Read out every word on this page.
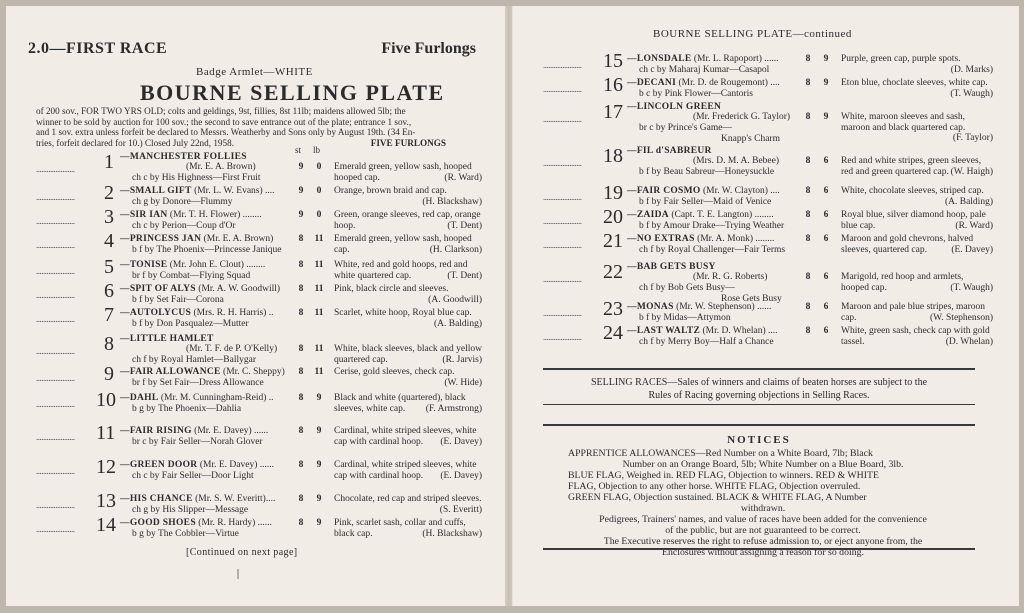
2.0—FIRST RACE	Five Furlongs
Badge Armlet—WHITE
BOURNE SELLING PLATE
of 200 sov., FOR TWO YRS OLD; colts and geldings, 9st, fillies, 8st 11lb; maidens allowed 5lb; the
winner to be sold by auction for 100 sov.; the second to save entrance out of the plate; entrance 1 sov.,
and 1 sov. extra unless forfeit be declared to Messrs. Weatherby and Sons only by August 19th. (34 En-
tries, forfeit declared for 10.) Closed July 22nd, 1958.	FIVE FURLONGS
st lb
...................... 1 —MANCHESTER FOLLIES
(Mr. E. A. Brown)
ch c by His Highness—First Fruit
9	0	Emerald green, yellow sash, hooped hooped cap.	(R. Ward)
...................... 2 —SMALL GIFT (Mr. L. W. Evans) ....
ch g by Donore—Flummy
9	0	Orange, brown braid and cap.
(H. Blackshaw)
...................... 3 —SIR IAN (Mr. T. H. Flower) ........
ch c by Perion—Coup d'Or
9	0	Green, orange sleeves, red cap, orange hoop.	(T. Dent)
...................... 4 —PRINCESS JAN (Mr. E. A. Brown)
b f by The Phoenix—Princesse Janique
8	11 Emerald green, yellow sash, hooped cap.	(H. Clarkson)
...................... 5 —TONISE (Mr. John E. Clout) ........
br f by Combat—Flying Squad
8	11 White, red and gold hoops, red and white quartered cap.	(T. Dent)
...................... 6 —SPIT OF ALYS (Mr. A. W. Goodwill)
b f by Set Fair—Corona
8	11 Pink, black circle and sleeves.
(A. Goodwill)
...................... 7 —AUTOLYCUS (Mrs. R. H. Harris) ..
b f by Don Pasqualez—Mutter
8	11 Scarlet, white hoop, Royal blue cap.
(A. Balding)
...................... 8 —LITTLE HAMLET
(Mr. T. F. de P. O'Kelly)
ch f by Royal Hamlet—Ballygar
8	11 White, black sleeves, black and yellow quartered cap.	(R. Jarvis)
...................... 9 —FAIR ALLOWANCE (Mr. C. Sheppy)
br f by Set Fair—Dress Allowance
8	11 Cerise, gold sleeves, check cap.
(W. Hide)
...................... 10 —DAHL (Mr. M. Cunningham-Reid) ..
b g by The Phoenix—Dahlia
8	9	Black and white (quartered), black sleeves, white cap. (F. Armstrong)
...................... 11 —FAIR RISING (Mr. E. Davey) ......
br c by Fair Seller—Norah Glover
8	9	Cardinal, white striped sleeves, white cap with cardinal hoop. (E. Davey)
...................... 12 —GREEN DOOR (Mr. E. Davey) ......
ch c by Fair Seller—Door Light
8	9	Cardinal, white striped sleeves, white cap with cardinal hoop. (E. Davey)
...................... 13 —HIS CHANCE (Mr. S. W. Everitt)....
ch g by His Slipper—Message
8	9	Chocolate, red cap and striped sleeves.
(S. Everitt)
...................... 14 —GOOD SHOES (Mr. R. Hardy) ......
b g by The Cobbler—Virtue
8	9	Pink, scarlet sash, collar and cuffs, black cap.	(H. Blackshaw)
[Continued on next page]
BOURNE SELLING PLATE—continued
...................... 15 —LONSDALE (Mr. L. Rapoport) ......
ch c by Maharaj Kumar—Casapol
8	9	Purple, green cap, purple spots.
(D. Marks)
...................... 16 —DECANI (Mr. D. de Rougemont) ....
b c by Pink Flower—Cantoris
8	9	Eton blue, choclate sleeves, white cap.
(T. Waugh)
...................... 17 —LINCOLN GREEN
(Mr. Frederick G. Taylor)
br c by Prince's Game—
Knapp's Charm
8	9	White, maroon sleeves and sash, maroon and black quartered cap.
(F. Taylor)
...................... 18 —FIL d'SABREUR
(Mrs. D. M. A. Bebee)
b f by Beau Sabreur—Honeysuckle
8	6	Red and white stripes, green sleeves, red and green quartered cap. (W. Haigh)
...................... 19 —FAIR COSMO (Mr. W. Clayton) ....
b f by Fair Seller—Maid of Venice
8	6	White, chocolate sleeves, striped cap.
(A. Balding)
...................... 20 —ZAIDA (Capt. T. E. Langton) ........
b f by Amour Drake—Trying Weather
8	6	Royal blue, silver diamond hoop, pale blue cap.	(R. Ward)
...................... 21 —NO EXTRAS (Mr. A. Monk) ........
ch f by Royal Challenger—Fair Terms
8	6	Maroon and gold chevrons, halved sleeves, quartered cap.	(E. Davey)
...................... 22 —BAB GETS BUSY
(Mr. R. G. Roberts)
ch f by Bob Gets Busy—
Rose Gets Busy
8	6	Marigold, red hoop and armlets, hooped cap.	(T. Waugh)
...................... 23 —MONAS (Mr. W. Stephenson) ......
b f by Midas—Attymon
8	6	Maroon and pale blue stripes, maroon cap.	(W. Stephenson)
...................... 24 —LAST WALTZ (Mr. D. Whelan) ....
ch f by Merry Boy—Half a Chance
8	6	White, green sash, check cap with gold tassel.	(D. Whelan)
SELLING RACES—Sales of winners and claims of beaten horses are subject to the
Rules of Racing governing objections in Selling Races.
NOTICES

APPRENTICE ALLOWANCES—Red Number on a White Board, 7lb; Black

Number on an Orange Board, 5lb; White Number on a Blue Board, 3lb.

BLUE FLAG, Weighed in. RED FLAG, Objection to winners. RED & WHITE

FLAG, Objection to any other horse. WHITE FLAG, Objection overruled.

GREEN FLAG, Objection sustained. BLACK & WHITE FLAG, A Number

withdrawn.

Pedigrees, Trainers' names, and value of races have been added for the convenience

of the public, but are not guaranteed to be correct.

The Executive reserves the right to refuse admission to, or eject anyone from, the

Enclosures without assigning a reason for so doing.
